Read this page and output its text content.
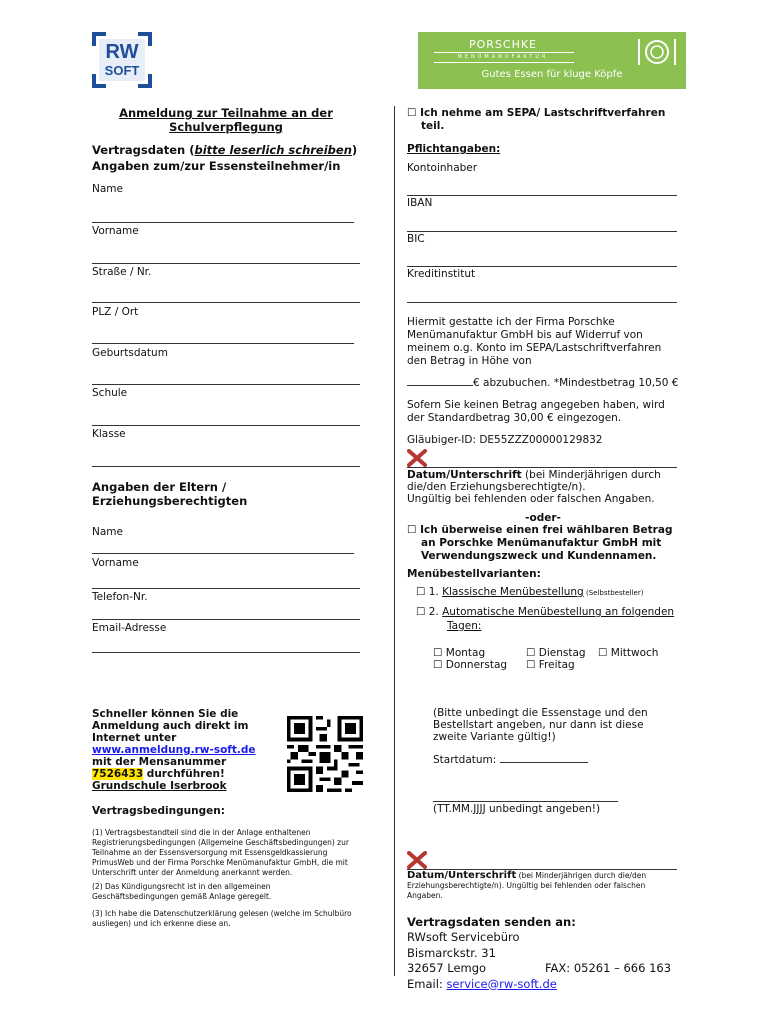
RW
SOFT
PORSCHKE
MENÜMANUFAKTUR
Gutes Essen für kluge Köpfe
Anmeldung zur Teilnahme an der Schulverpflegung
Vertragsdaten (bitte leserlich schreiben)
Angaben zum/zur Essensteilnehmer/in
Name
Vorname
Straße / Nr.
PLZ / Ort
Geburtsdatum
Schule
Klasse
Angaben der Eltern /
Erziehungsberechtigten
Name
Vorname
Telefon-Nr.
Email-Adresse
Schneller können Sie die
Anmeldung auch direkt im
Internet unter
www.anmeldung.rw-soft.de
mit der Mensanummer
7526433 durchführen!
Grundschule Iserbrook
Vertragsbedingungen:
(1) Vertragsbestandteil sind die in der Anlage enthaltenen Registrierungsbedingungen (Allgemeine Geschäftsbedingungen) zur Teilnahme an der Essensversorgung mit Essensgeldkassierung PrimusWeb und der Firma Porschke Menümanufaktur GmbH, die mit Unterschrift unter der Anmeldung anerkannt werden.
(2) Das Kündigungsrecht ist in den allgemeinen Geschäftsbedingungen gemäß Anlage geregelt.
(3) Ich habe die Datenschutzerklärung gelesen (welche im Schulbüro ausliegen) und ich erkenne diese an.
☐ Ich nehme am SEPA/ Lastschriftverfahren
teil.
Pflichtangaben:
Kontoinhaber
IBAN
BIC
Kreditinstitut
Hiermit gestatte ich der Firma Porschke Menümanufaktur GmbH bis auf Widerruf von meinem o.g. Konto im SEPA/Lastschriftverfahren den Betrag in Höhe von
€ abzubuchen. *Mindestbetrag 10,50 €
Sofern Sie keinen Betrag angegeben haben, wird der Standardbetrag 30,00 € eingezogen.
Gläubiger-ID: DE55ZZZ00000129832
Datum/Unterschrift (bei Minderjährigen durch die/den Erziehungsberechtigte/n).
Ungültig bei fehlenden oder falschen Angaben.
-oder-
☐ Ich überweise einen frei wählbaren Betrag
an Porschke Menümanufaktur GmbH mit
Verwendungszweck und Kundennamen.
Menübestellvarianten:
☐ 1. Klassische Menübestellung (Selbstbesteller)
☐ 2. Automatische Menübestellung an folgenden
Tagen:
☐ Montag	☐ Dienstag ☐ Mittwoch
☐ Donnerstag ☐ Freitag
(Bitte unbedingt die Essenstage und den Bestellstart angeben, nur dann ist diese zweite Variante gültig!)
Startdatum:
(TT.MM.JJJJ unbedingt angeben!)
Datum/Unterschrift (bei Minderjährigen durch die/den Erziehungsberechtigte/n). Ungültig bei fehlenden oder falschen Angaben.
Vertragsdaten senden an:
RWsoft Servicebüro
Bismarckstr. 31
32657 Lemgo	FAX: 05261 – 666 163
Email: service@rw-soft.de
